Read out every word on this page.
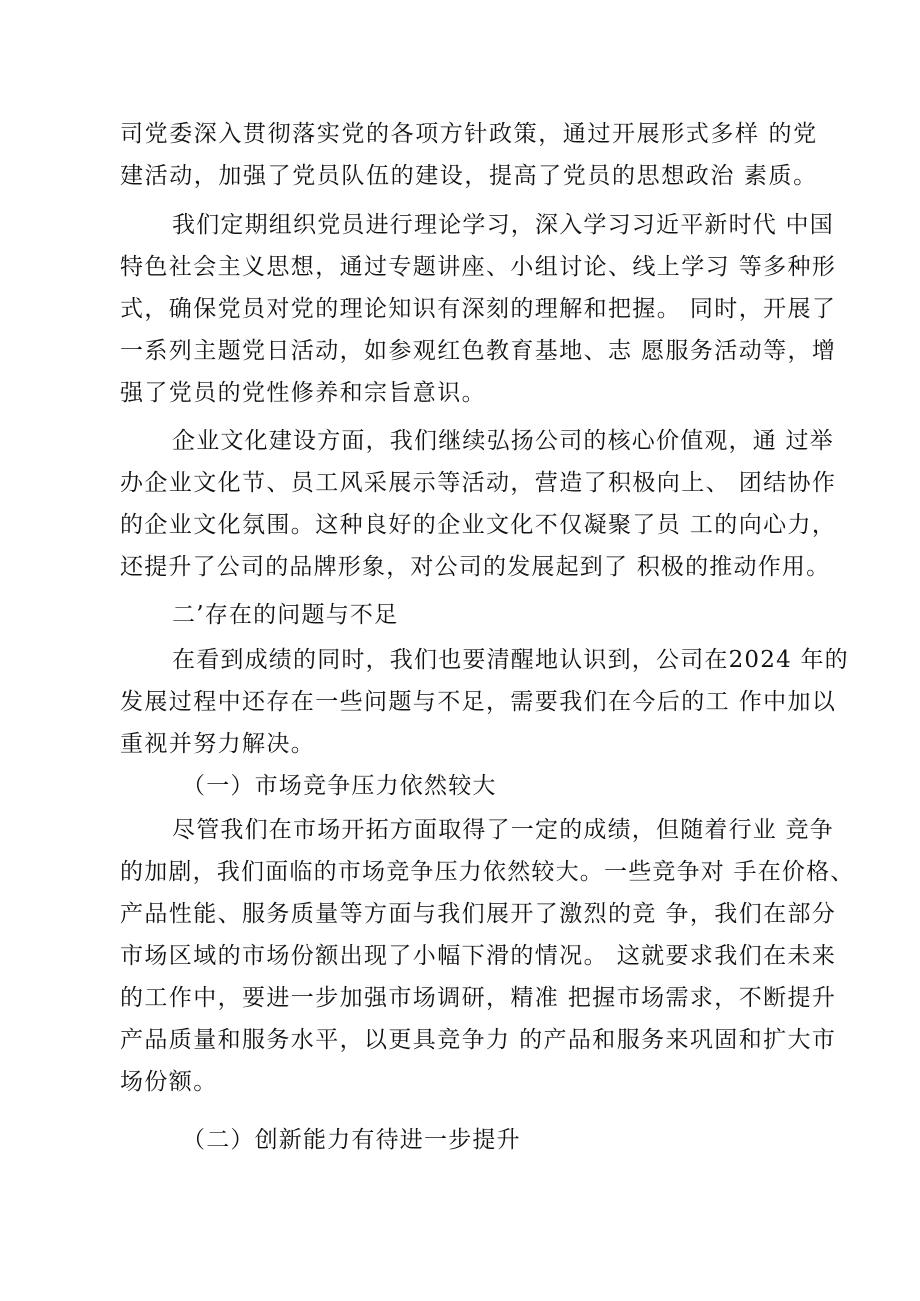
司党委深入贯彻落实党的各项方针政策，通过开展形式多样 的党
建活动，加强了党员队伍的建设，提高了党员的思想政治 素质。
我们定期组织党员进行理论学习，深入学习习近平新时代 中国
特色社会主义思想，通过专题讲座、小组讨论、线上学习 等多种形
式，确保党员对党的理论知识有深刻的理解和把握。 同时，开展了
一系列主题党日活动，如参观红色教育基地、志 愿服务活动等，增
强了党员的党性修养和宗旨意识。
企业文化建设方面，我们继续弘扬公司的核心价值观，通 过举
办企业文化节、员工风采展示等活动，营造了积极向上、 团结协作
的企业文化氛围。这种良好的企业文化不仅凝聚了员 工的向心力，
还提升了公司的品牌形象，对公司的发展起到了 积极的推动作用。
二’存在的问题与不足
在看到成绩的同时，我们也要清醒地认识到，公司在2024 年的
发展过程中还存在一些问题与不足，需要我们在今后的工 作中加以
重视并努力解决。
（一）市场竞争压力依然较大
尽管我们在市场开拓方面取得了一定的成绩，但随着行业 竞争
的加剧，我们面临的市场竞争压力依然较大。一些竞争对 手在价格、
产品性能、服务质量等方面与我们展开了激烈的竞 争，我们在部分
市场区域的市场份额出现了小幅下滑的情况。 这就要求我们在未来
的工作中，要进一步加强市场调研，精准 把握市场需求，不断提升
产品质量和服务水平，以更具竞争力 的产品和服务来巩固和扩大市
场份额。
（二）创新能力有待进一步提升
